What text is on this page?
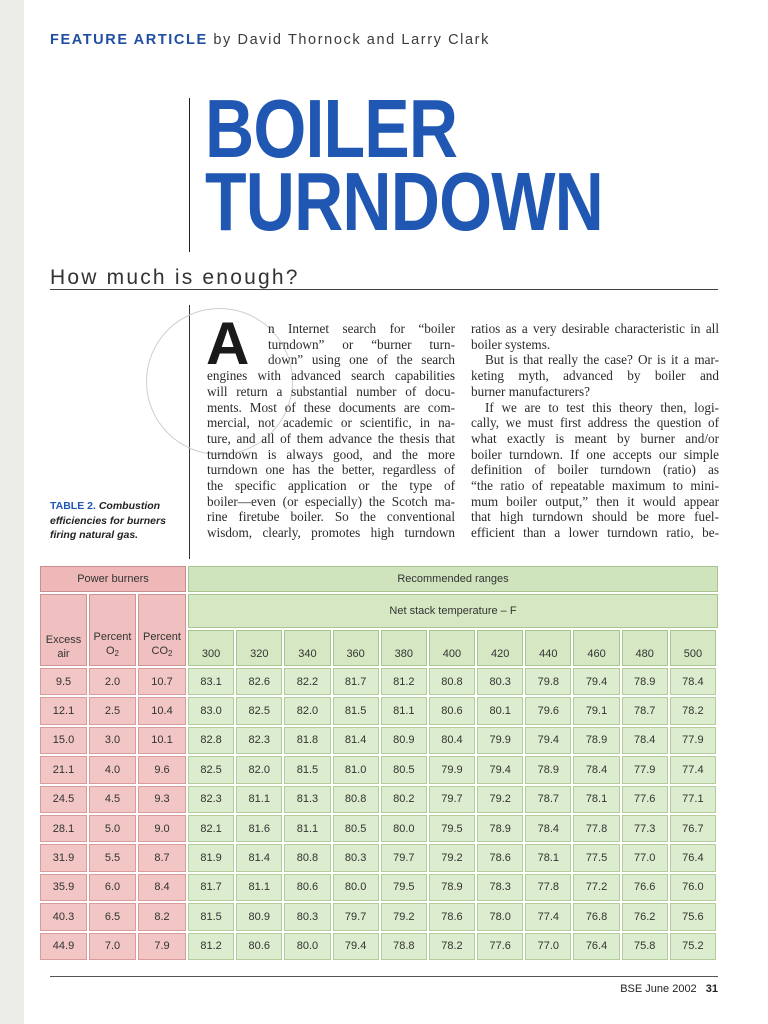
FEATURE ARTICLE by David Thornock and Larry Clark
BOILER
TURNDOWN
How much is enough?
A n Internet search for “boiler
turndown” or “burner turn-
down” using one of the search
engines with advanced search capabilities
will return a substantial number of docu-
ments. Most of these documents are com-
mercial, not academic or scientific, in na-
ture, and all of them advance the thesis that
turndown is always good, and the more
turndown one has the better, regardless of
the specific application or the type of
boiler—even (or especially) the Scotch ma-
rine firetube boiler. So the conventional
wisdom, clearly, promotes high turndown
ratios as a very desirable characteristic in all
boiler systems.
But is that really the case? Or is it a mar-
keting myth, advanced by boiler and
burner manufacturers?
If we are to test this theory then, logi-
cally, we must first address the question of
what exactly is meant by burner and/or
boiler turndown. If one accepts our simple
definition of boiler turndown (ratio) as
“the ratio of repeatable maximum to mini-
mum boiler output,” then it would appear
that high turndown should be more fuel-
efficient than a lower turndown ratio, be-
TABLE 2. Combustion efficiencies for burners firing natural gas.
Power burners	Recommended ranges
Net stack temperature – F
Excess air
Percent $O_2$
Percent $CO_2$	300	320	340	360	380	400	420	440	460	480	500
9.5	2.0	10.7	83.1	82.6	82.2	81.7	81.2	80.8	80.3	79.8	79.4	78.9	78.4
12.1	2.5	10.4	83.0	82.5	82.0	81.5	81.1	80.6	80.1	79.6	79.1	78.7	78.2
15.0	3.0	10.1	82.8	82.3	81.8	81.4	80.9	80.4	79.9	79.4	78.9	78.4	77.9
21.1	4.0	9.6	82.5	82.0	81.5	81.0	80.5	79.9	79.4	78.9	78.4	77.9	77.4
24.5	4.5	9.3	82.3	81.1	81.3	80.8	80.2	79.7	79.2	78.7	78.1	77.6	77.1
28.1	5.0	9.0	82.1	81.6	81.1	80.5	80.0	79.5	78.9	78.4	77.8	77.3	76.7
31.9	5.5	8.7	81.9	81.4	80.8	80.3	79.7	79.2	78.6	78.1	77.5	77.0	76.4
35.9	6.0	8.4	81.7	81.1	80.6	80.0	79.5	78.9	78.3	77.8	77.2	76.6	76.0
40.3	6.5	8.2	81.5	80.9	80.3	79.7	79.2	78.6	78.0	77.4	76.8	76.2	75.6
44.9	7.0	7.9	81.2	80.6	80.0	79.4	78.8	78.2	77.6	77.0	76.4	75.8	75.2
BSE June 2002 31
